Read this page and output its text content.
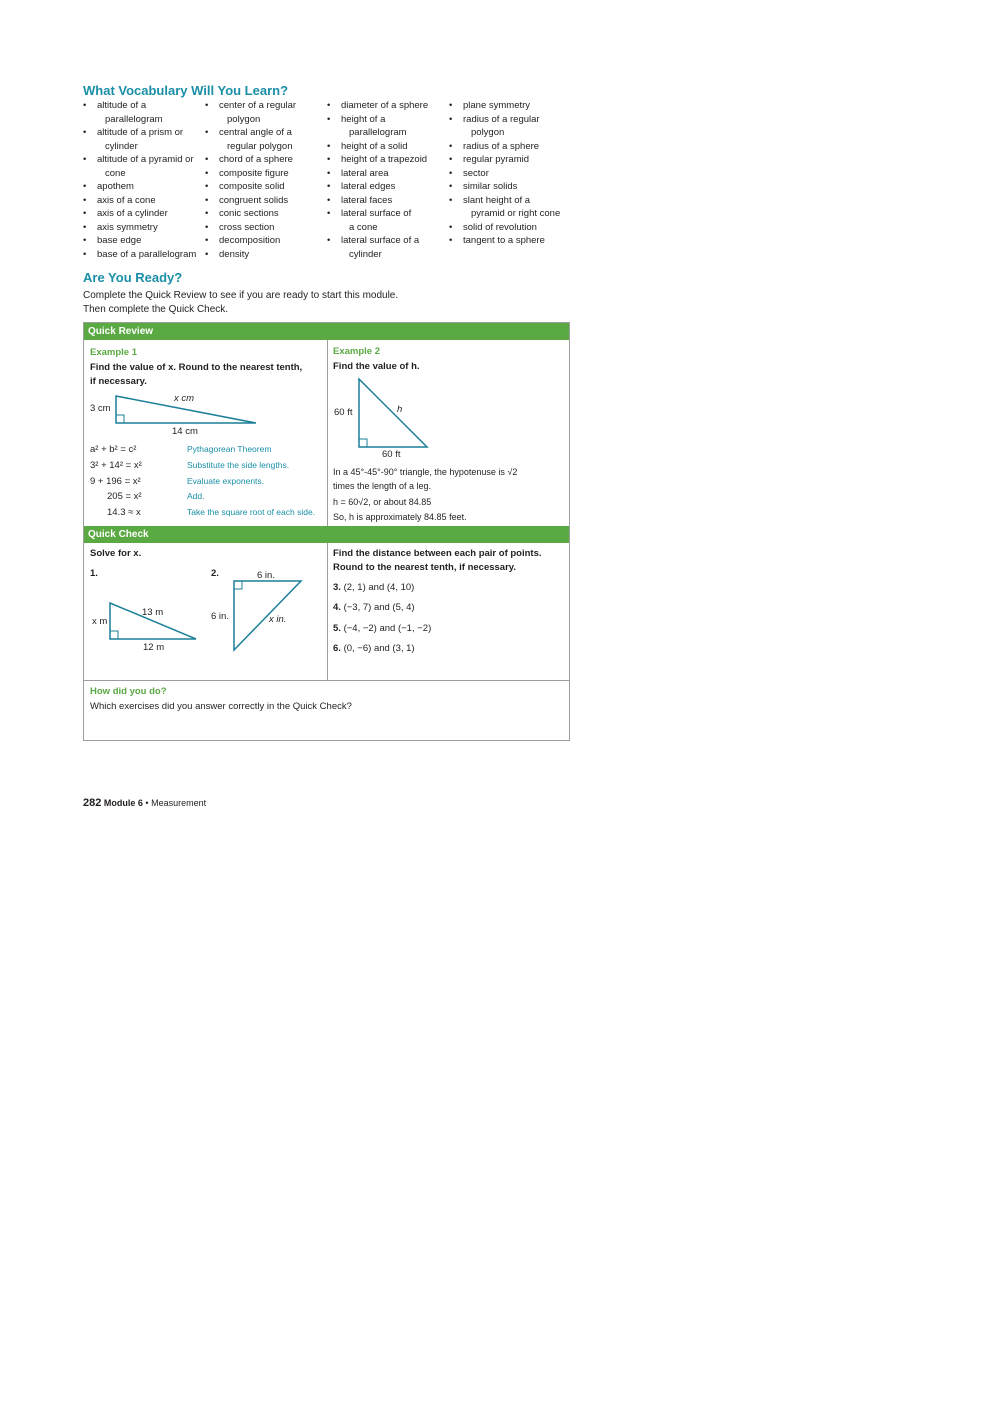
What Vocabulary Will You Learn?
• altitude of a
parallelogram
• altitude of a prism or
cylinder
• altitude of a pyramid or
cone
• apothem
• axis of a cone
• axis of a cylinder
• axis symmetry
• base edge
• base of a parallelogram
• center of a regular
polygon
• central angle of a
regular polygon
• chord of a sphere
• composite figure
• composite solid
• congruent solids
• conic sections
• cross section
• decomposition
• density
• diameter of a sphere
• height of a
parallelogram
• height of a solid
• height of a trapezoid
• lateral area
• lateral edges
• lateral faces
• lateral surface of
a cone
• lateral surface of a
cylinder
• plane symmetry
• radius of a regular
polygon
• radius of a sphere
• regular pyramid
• sector
• similar solids
• slant height of a
pyramid or right cone
• solid of revolution
• tangent to a sphere
Are You Ready?
Complete the Quick Review to see if you are ready to start this module.
Then complete the Quick Check.
Quick Review
Quick Check
Example 1
Find the value of x. Round to the nearest tenth,
if necessary.
3 cm
x cm
14 cm
a² + b² = c²	Pythagorean Theorem
3² + 14² = x²	Substitute the side lengths.
9 + 196 = x²	Evaluate exponents.
205 = x²	Add.
14.3 ≈ x	Take the square root of each side.
Example 2
Find the value of h.
60 ft	h
60 ft
In a 45°-45°-90° triangle, the hypotenuse is √2
times the length of a leg.
h = 60√2, or about 84.85
So, h is approximately 84.85 feet.
Solve for x.
1.	2.
13 m
x m
12 m
6 in.
6 in.	x in.
Find the distance between each pair of points.
Round to the nearest tenth, if necessary.
3. (2, 1) and (4, 10)
4. (−3, 7) and (5, 4)
5. (−4, −2) and (−1, −2)
6. (0, −6) and (3, 1)
How did you do?
Which exercises did you answer correctly in the Quick Check?
282 Module 6 • Measurement
